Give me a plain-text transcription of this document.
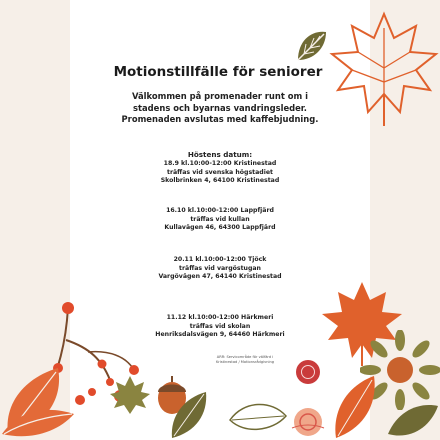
Motionstillfälle för seniorer
Välkommen på promenader runt om i
stadens och byarnas vandringsleder.
Promenaden avslutas med kaffebjudning.
Höstens datum:
18.9 kl.10:00-12:00 Kristinestad
träffas vid svenska högstadiet
Skolbrinken 4, 64100 Kristinestad
16.10 kl.10:00-12:00 Lappfjärd
träffas vid kullan
Kullavägen 46, 64300 Lappfjärd
20.11 kl.10:00-12:00 Tjöck
träffas vid vargöstugan
Vargövägen 47, 64140 Kristinestad
11.12 kl.10:00-12:00 Härkmeri
träffas vid skolan
Henriksdalsvägen 9, 64460 Härkmeri
ARR: Servicområde för välfärd i
Kristinestad / Motionsrådgivning
